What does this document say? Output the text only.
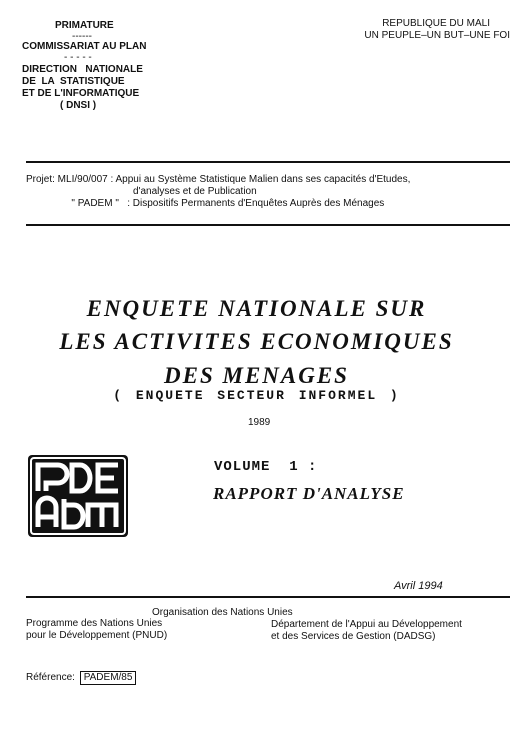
PRIMATURE
------
COMMISSARIAT AU PLAN
- - - - -
DIRECTION   NATIONALE
DE  LA  STATISTIQUE
ET DE L'INFORMATIQUE
( DNSI )
REPUBLIQUE DU MALI
UN PEUPLE–UN BUT–UNE FOI
Projet: MLI/90/007 : Appui au Système Statistique Malien dans ses capacités d'Etudes,
d'analyses et de Publication
" PADEM "   : Dispositifs Permanents d'Enquêtes Auprès des Ménages
ENQUETE NATIONALE SUR
LES ACTIVITES ECONOMIQUES
DES MENAGES
( ENQUETE SECTEUR INFORMEL )
1989
VOLUME  1 :
RAPPORT D'ANALYSE
Avril 1994
Organisation des Nations Unies
Programme des Nations Unies
pour le Développement (PNUD)
Département de l'Appui au Développement
et des Services de Gestion (DADSG)
Référence: PADEM/85
